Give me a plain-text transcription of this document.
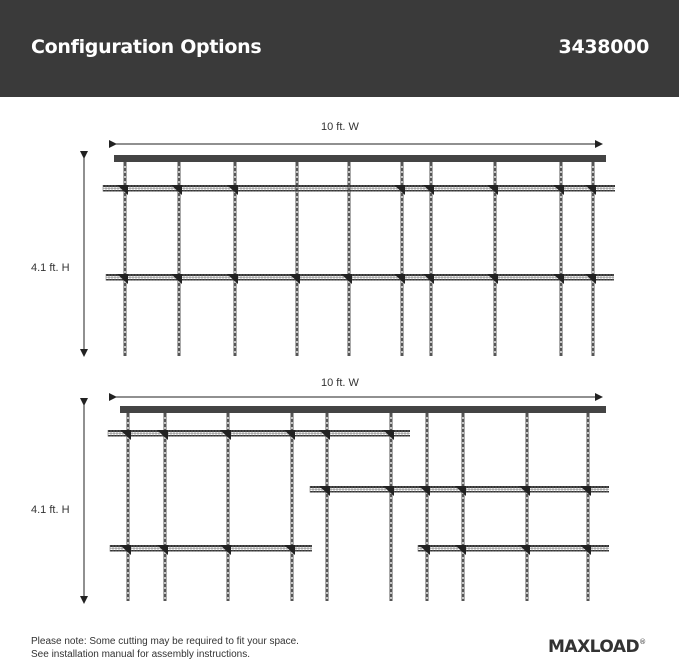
Configuration Options	3438000
10 ft. W
4.1 ft. H
10 ft. W
4.1 ft. H
Please note: Some cutting may be required to fit your space.
See installation manual for assembly instructions.	MAXLOAD®
